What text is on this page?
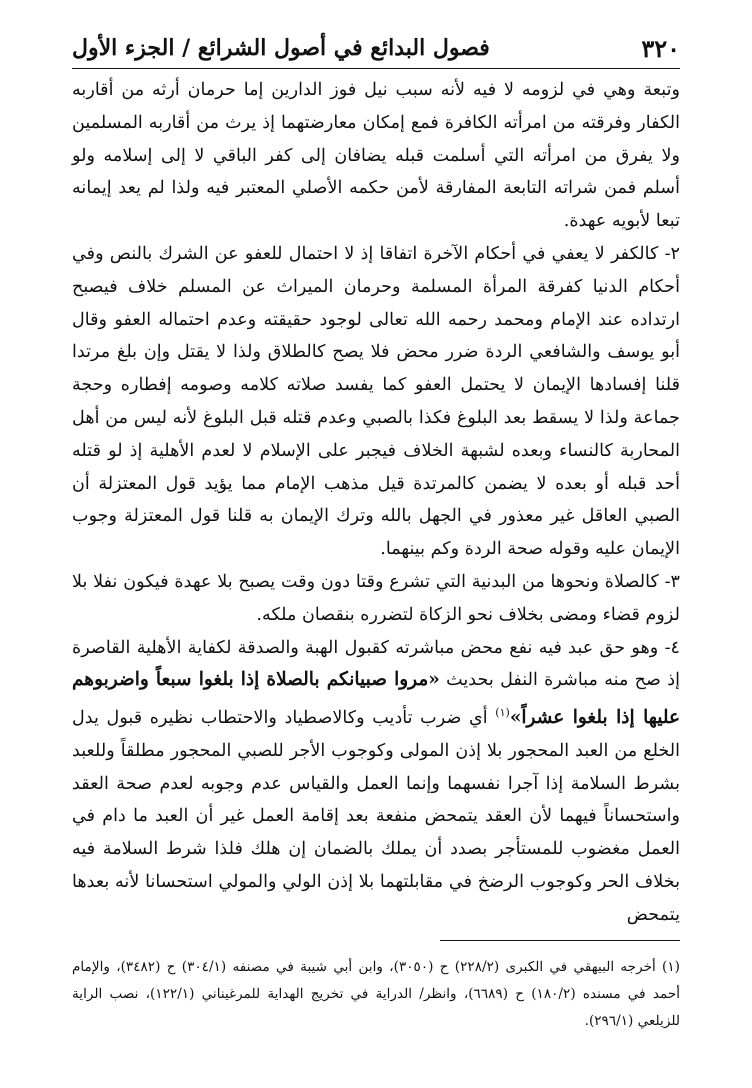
٣٢٠
فصول البدائع في أصول الشرائع / الجزء الأول

وتبعة وهي في لزومه لا فيه لأنه سبب نيل فوز الدارين إما حرمان أرثه من أقاربه الكفار وفرقته من امرأته الكافرة فمع إمكان معارضتهما إذ يرث من أقاربه المسلمين ولا يفرق من امرأته التي أسلمت قبله يضافان إلى كفر الباقي لا إلى إسلامه ولو أسلم فمن شراته التابعة المفارقة لأمن حكمه الأصلي المعتبر فيه ولذا لم يعد إيمانه تبعا لأبويه عهدة.

٢- كالكفر لا يعفي في أحكام الآخرة اتفاقا إذ لا احتمال للعفو عن الشرك بالنص وفي أحكام الدنيا كفرقة المرأة المسلمة وحرمان الميراث عن المسلم خلاف فيصبح ارتداده عند الإمام ومحمد رحمه الله تعالى لوجود حقيقته وعدم احتماله العفو وقال أبو يوسف والشافعي الردة ضرر محض فلا يصح كالطلاق ولذا لا يقتل وإن بلغ مرتدا قلنا إفسادها الإيمان لا يحتمل العفو كما يفسد صلاته كلامه وصومه إفطاره وحجة جماعة ولذا لا يسقط بعد البلوغ فكذا بالصبي وعدم قتله قبل البلوغ لأنه ليس من أهل المحاربة كالنساء وبعده لشبهة الخلاف فيجبر على الإسلام لا لعدم الأهلية إذ لو قتله أحد قبله أو بعده لا يضمن كالمرتدة قيل مذهب الإمام مما يؤيد قول المعتزلة أن الصبي العاقل غير معذور في الجهل بالله وترك الإيمان به قلنا قول المعتزلة وجوب الإيمان عليه وقوله صحة الردة وكم بينهما.

٣- كالصلاة ونحوها من البدنية التي تشرع وقتا دون وقت يصبح بلا عهدة فيكون نفلا بلا لزوم قضاء ومضى بخلاف نحو الزكاة لتضرره بنقصان ملكه.

٤- وهو حق عبد فيه نفع محض مباشرته كقبول الهبة والصدقة لكفاية الأهلية القاصرة إذ صح منه مباشرة النفل بحديث «مروا صبيانكم بالصلاة إذا بلغوا سبعاً واضربوهم عليها إذا بلغوا عشراً»$^{(١)}$ أي ضرب تأديب وكالاصطياد والاحتطاب نظيره قبول يدل الخلع من العبد المحجور بلا إذن المولى وكوجوب الأجر للصبي المحجور مطلقاً وللعبد بشرط السلامة إذا آجرا نفسهما وإنما العمل والقياس عدم وجوبه لعدم صحة العقد واستحساناً فيهما لأن العقد يتمحض منفعة بعد إقامة العمل غير أن العبد ما دام في العمل مغضوب للمستأجر بصدد أن يملك بالضمان إن هلك فلذا شرط السلامة فيه بخلاف الحر وكوجوب الرضخ في مقابلتهما بلا إذن الولي والمولي استحسانا لأنه بعدها يتمحض

(١) أخرجه البيهقي في الكبرى (٢٢٨/٢) ح (٣٠٥٠)، وابن أبي شيبة في مصنفه (٣٠٤/١) ح (٣٤٨٢)، والإمام أحمد في مسنده (١٨٠/٢) ح (٦٦٨٩)، وانظر/ الدراية في تخريج الهداية للمرغيناني (١٢٢/١)، نصب الراية للزيلعي (٢٩٦/١).
